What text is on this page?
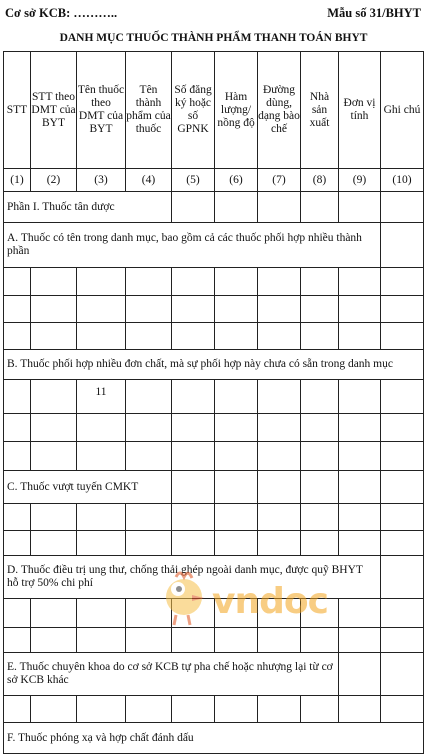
Cơ sở KCB: ………..	Mẫu số 31/BHYT
DANH MỤC THUỐC THÀNH PHẨM THANH TOÁN BHYT
STT	STT theo DMT của BYT	Tên thuốc theo DMT của BYT	Tên thành phẩm của thuốc	Số đăng ký hoặc số GPNK	Hàm lượng/ nồng độ	Đường dùng, dạng bào chế	Nhà sản xuất	Đơn vị tính	Ghi chú
(1)	(2)	(3)	(4)	(5)	(6)	(7)	(8)	(9)	(10)
Phần I. Thuốc tân dược									
A. Thuốc có tên trong danh mục, bao gồm cả các thuốc phối hợp nhiều thành phần									

B. Thuốc phối hợp nhiều đơn chất, mà sự phối hợp này chưa có sẵn trong danh mục									
		11							

C. Thuốc vượt tuyến CMKT									

D. Thuốc điều trị ung thư, chống thải ghép ngoài danh mục, được quỹ BHYT hỗ trợ 50% chi phí									

E. Thuốc chuyên khoa do cơ sở KCB tự pha chế hoặc nhượng lại từ cơ sở KCB khác									

F. Thuốc phóng xạ và hợp chất đánh dấu									
vndoc
